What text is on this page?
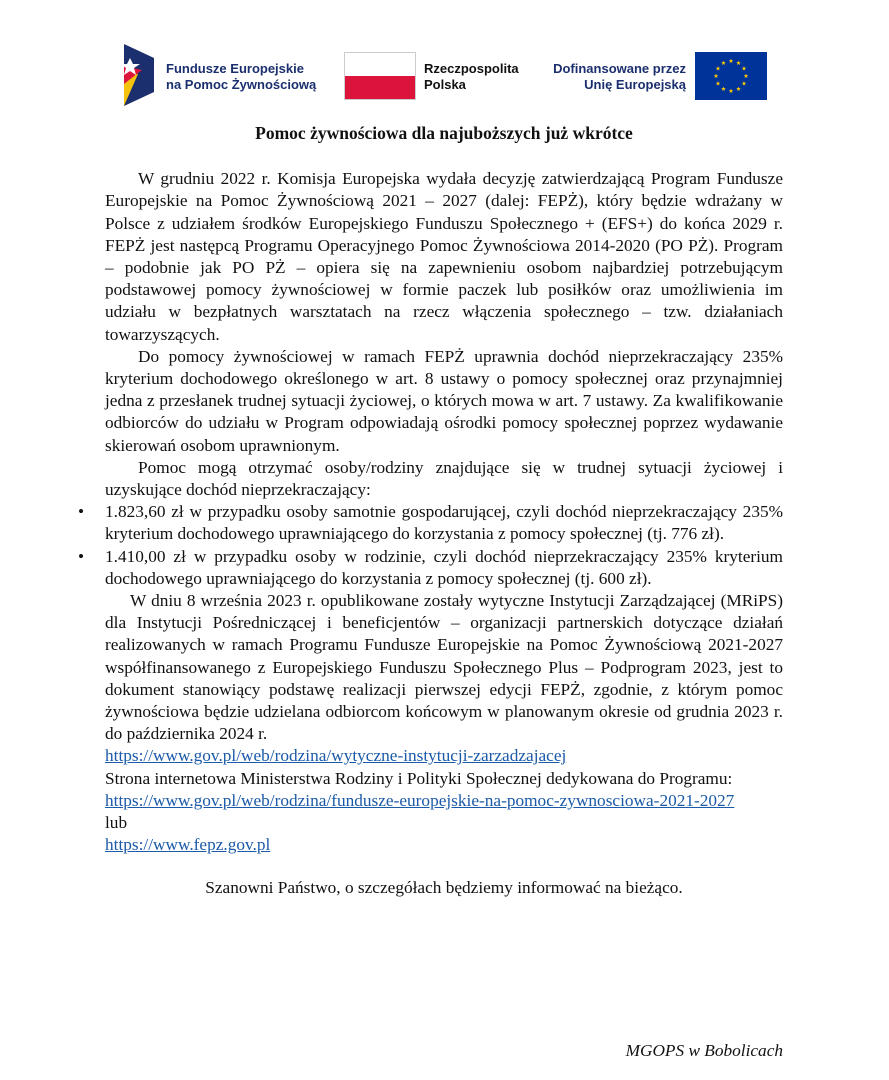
Fundusze Europejskie
na Pomoc Żywnościową
Rzeczpospolita
Polska
Dofinansowane przez
Unię Europejską
Pomoc żywnościowa dla najuboższych już wkrótce

W grudniu 2022 r. Komisja Europejska wydała decyzję zatwierdzającą Program Fundusze Europejskie na Pomoc Żywnościową 2021 – 2027 (dalej: FEPŻ), który będzie wdrażany w Polsce z udziałem środków Europejskiego Funduszu Społecznego + (EFS+) do końca 2029 r. FEPŻ jest następcą Programu Operacyjnego Pomoc Żywnościowa 2014-2020 (PO PŻ). Program – podobnie jak PO PŻ – opiera się na zapewnieniu osobom najbardziej potrzebującym podstawowej pomocy żywnościowej w formie paczek lub posiłków oraz umożliwienia im udziału w bezpłatnych warsztatach na rzecz włączenia społecznego – tzw. działaniach towarzyszących.

Do pomocy żywnościowej w ramach FEPŻ uprawnia dochód nieprzekraczający 235% kryterium dochodowego określonego w art. 8 ustawy o pomocy społecznej oraz przynajmniej jedna z przesłanek trudnej sytuacji życiowej, o których mowa w art. 7 ustawy. Za kwalifikowanie odbiorców do udziału w Program odpowiadają ośrodki pomocy społecznej poprzez wydawanie skierowań osobom uprawnionym.

Pomoc mogą otrzymać osoby/rodziny znajdujące się w trudnej sytuacji życiowej i uzyskujące dochód nieprzekraczający:

• 1.823,60 zł w przypadku osoby samotnie gospodarującej, czyli dochód nieprzekraczający 235% kryterium dochodowego uprawniającego do korzystania z pomocy społecznej (tj. 776 zł).
• 1.410,00 zł w przypadku osoby w rodzinie, czyli dochód nieprzekraczający 235% kryterium dochodowego uprawniającego do korzystania z pomocy społecznej (tj. 600 zł).

W dniu 8 września 2023 r. opublikowane zostały wytyczne Instytucji Zarządzającej (MRiPS) dla Instytucji Pośredniczącej i beneficjentów – organizacji partnerskich dotyczące działań realizowanych w ramach Programu Fundusze Europejskie na Pomoc Żywnościową 2021-2027 współfinansowanego z Europejskiego Funduszu Społecznego Plus – Podprogram 2023, jest to dokument stanowiący podstawę realizacji pierwszej edycji FEPŻ, zgodnie, z którym pomoc żywnościowa będzie udzielana odbiorcom końcowym w planowanym okresie od grudnia 2023 r. do października 2024 r.

https://www.gov.pl/web/rodzina/wytyczne-instytucji-zarzadzajacej

Strona internetowa Ministerstwa Rodziny i Polityki Społecznej dedykowana do Programu:

https://www.gov.pl/web/rodzina/fundusze-europejskie-na-pomoc-zywnosciowa-2021-2027

lub

https://www.fepz.gov.pl

Szanowni Państwo, o szczegółach będziemy informować na bieżąco.

MGOPS w Bobolicach
